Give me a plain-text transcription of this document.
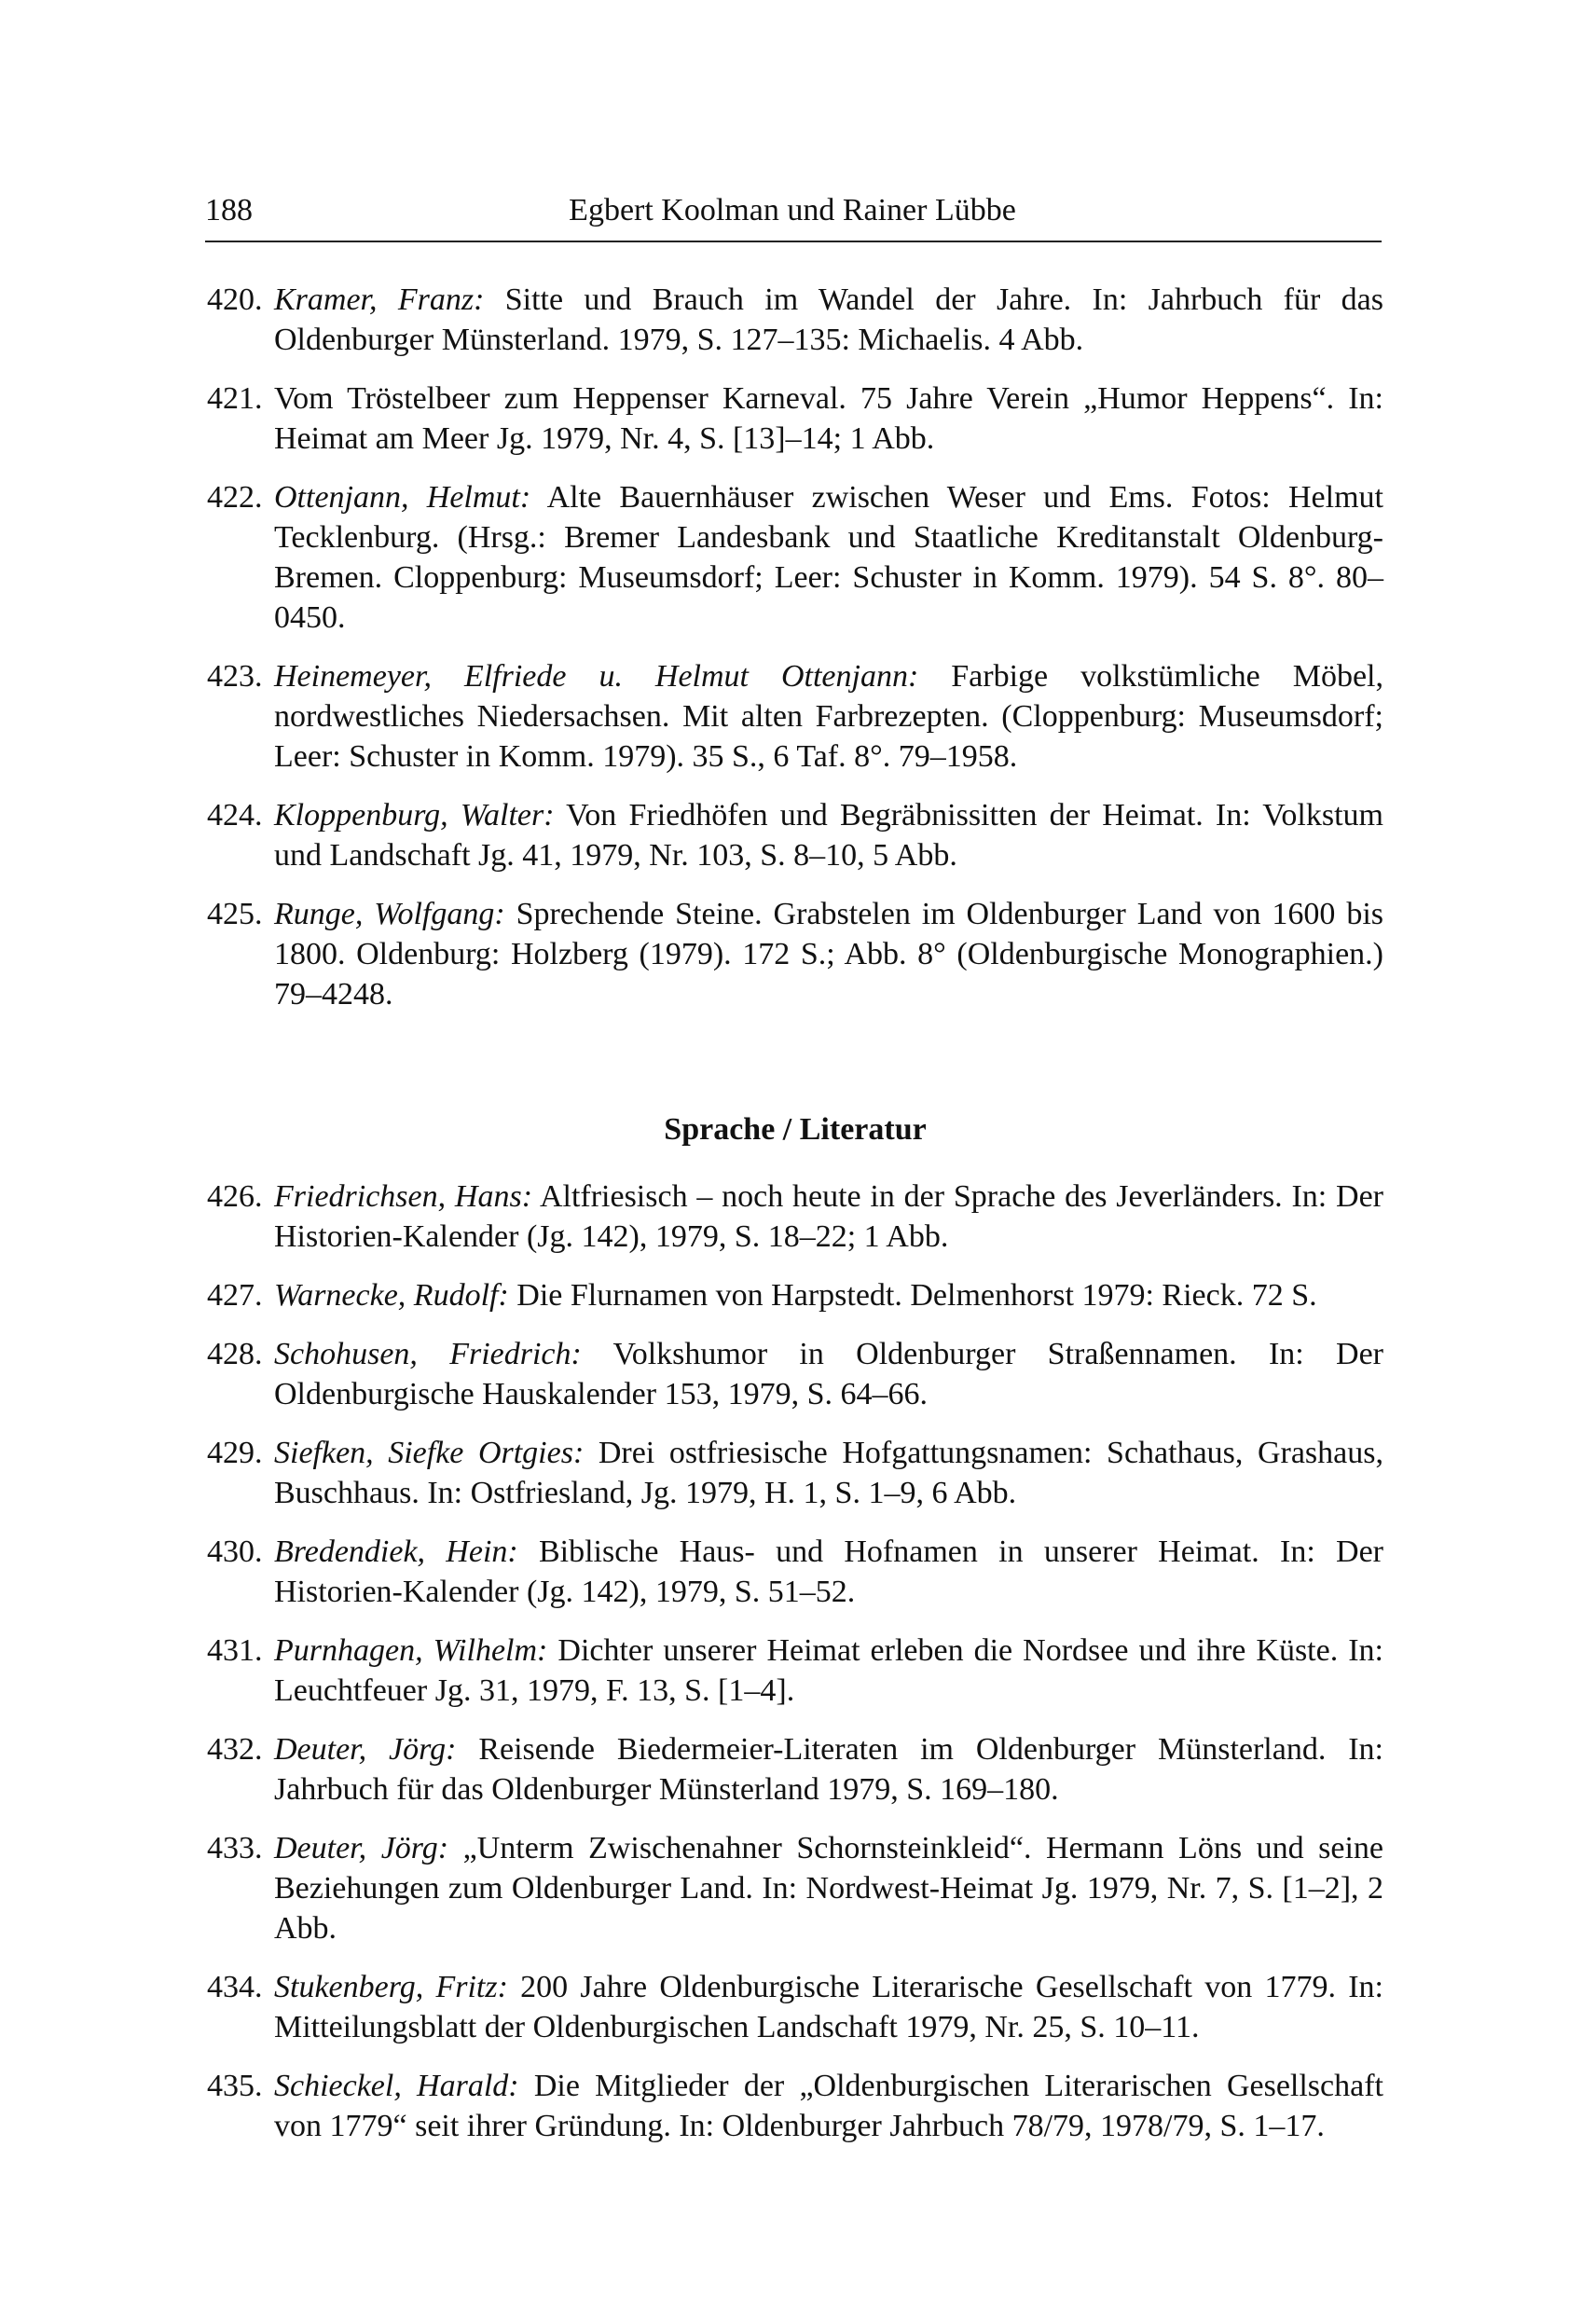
188	Egbert Koolman und Rainer Lübbe
420. Kramer, Franz: Sitte und Brauch im Wandel der Jahre. In: Jahrbuch für das Oldenburger Münsterland. 1979, S. 127–135: Michaelis. 4 Abb.
421. Vom Tröstelbeer zum Heppenser Karneval. 75 Jahre Verein „Humor Heppens“. In: Heimat am Meer Jg. 1979, Nr. 4, S. [13]–14; 1 Abb.
422. Ottenjann, Helmut: Alte Bauernhäuser zwischen Weser und Ems. Fotos: Helmut Tecklenburg. (Hrsg.: Bremer Landesbank und Staatliche Kreditanstalt Oldenburg-Bremen. Cloppenburg: Museumsdorf; Leer: Schuster in Komm. 1979). 54 S. 8°. 80–0450.
423. Heinemeyer, Elfriede u. Helmut Ottenjann: Farbige volkstümliche Möbel, nordwestliches Niedersachsen. Mit alten Farbrezepten. (Cloppenburg: Museumsdorf; Leer: Schuster in Komm. 1979). 35 S., 6 Taf. 8°. 79–1958.
424. Kloppenburg, Walter: Von Friedhöfen und Begräbnissitten der Heimat. In: Volkstum und Landschaft Jg. 41, 1979, Nr. 103, S. 8–10, 5 Abb.
425. Runge, Wolfgang: Sprechende Steine. Grabstelen im Oldenburger Land von 1600 bis 1800. Oldenburg: Holzberg (1979). 172 S.; Abb. 8° (Oldenburgische Monographien.) 79–4248.
Sprache / Literatur
426. Friedrichsen, Hans: Altfriesisch – noch heute in der Sprache des Jeverländers. In: Der Historien-Kalender (Jg. 142), 1979, S. 18–22; 1 Abb.
427. Warnecke, Rudolf: Die Flurnamen von Harpstedt. Delmenhorst 1979: Rieck. 72 S.
428. Schohusen, Friedrich: Volkshumor in Oldenburger Straßennamen. In: Der Oldenburgische Hauskalender 153, 1979, S. 64–66.
429. Siefken, Siefke Ortgies: Drei ostfriesische Hofgattungsnamen: Schathaus, Grashaus, Buschhaus. In: Ostfriesland, Jg. 1979, H. 1, S. 1–9, 6 Abb.
430. Bredendiek, Hein: Biblische Haus- und Hofnamen in unserer Heimat. In: Der Historien-Kalender (Jg. 142), 1979, S. 51–52.
431. Purnhagen, Wilhelm: Dichter unserer Heimat erleben die Nordsee und ihre Küste. In: Leuchtfeuer Jg. 31, 1979, F. 13, S. [1–4].
432. Deuter, Jörg: Reisende Biedermeier-Literaten im Oldenburger Münsterland. In: Jahrbuch für das Oldenburger Münsterland 1979, S. 169–180.
433. Deuter, Jörg: „Unterm Zwischenahner Schornsteinkleid“. Hermann Löns und seine Beziehungen zum Oldenburger Land. In: Nordwest-Heimat Jg. 1979, Nr. 7, S. [1–2], 2 Abb.
434. Stukenberg, Fritz: 200 Jahre Oldenburgische Literarische Gesellschaft von 1779. In: Mitteilungsblatt der Oldenburgischen Landschaft 1979, Nr. 25, S. 10–11.
435. Schieckel, Harald: Die Mitglieder der „Oldenburgischen Literarischen Gesellschaft von 1779“ seit ihrer Gründung. In: Oldenburger Jahrbuch 78/79, 1978/79, S. 1–17.
